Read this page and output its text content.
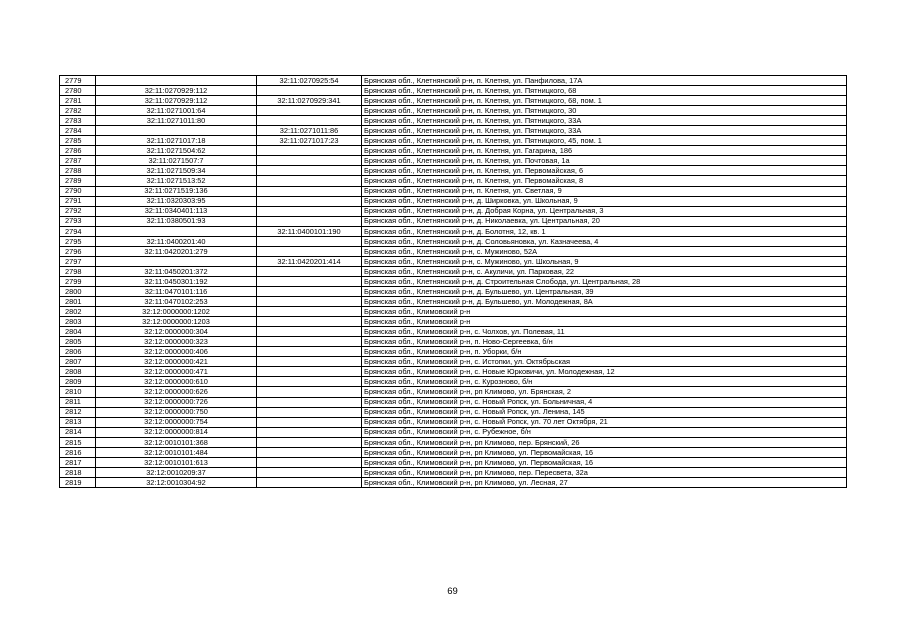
2779		32:11:0270925:54	Брянская обл., Клетнянский р-н, п. Клетня, ул. Панфилова, 17А
2780	32:11:0270929:112		Брянская обл., Клетнянский р-н, п. Клетня, ул. Пятницкого, 68
2781	32:11:0270929:112	32:11:0270929:341	Брянская обл., Клетнянский р-н, п. Клетня, ул. Пятницкого, 68, пом. 1
2782	32:11:0271001:64		Брянская обл., Клетнянский р-н, п. Клетня, ул. Пятницкого, 30
2783	32:11:0271011:80		Брянская обл., Клетнянский р-н, п. Клетня, ул. Пятницкого, 33А
2784		32:11:0271011:86	Брянская обл., Клетнянский р-н, п. Клетня, ул. Пятницкого, 33А
2785	32:11:0271017:18	32:11:0271017:23	Брянская обл., Клетнянский р-н, п. Клетня, ул. Пятницкого, 45, пом. 1
2786	32:11:0271504:62		Брянская обл., Клетнянский р-н, п. Клетня, ул. Гагарина, 186
2787	32:11:0271507:7		Брянская обл., Клетнянский р-н, п. Клетня, ул. Почтовая, 1а
2788	32:11:0271509:34		Брянская обл., Клетнянский р-н, п. Клетня, ул. Первомайская, 6
2789	32:11:0271513:52		Брянская обл., Клетнянский р-н, п. Клетня, ул. Первомайская, 8
2790	32:11:0271519:136		Брянская обл., Клетнянский р-н, п. Клетня, ул. Светлая, 9
2791	32:11:0320303:95		Брянская обл., Клетнянский р-н, д. Ширковка, ул. Школьная, 9
2792	32:11:0340401:113		Брянская обл., Клетнянский р-н, д. Добрая Корна, ул. Центральная, 3
2793	32:11:0380501:93		Брянская обл., Клетнянский р-н, д. Николаевка, ул. Центральная, 20
2794		32:11:0400101:190	Брянская обл., Клетнянский р-н, д. Болотня, 12, кв. 1
2795	32:11:0400201:40		Брянская обл., Клетнянский р-н, д. Соловьяновка, ул. Казначеева, 4
2796	32:11:0420201:279		Брянская обл., Клетнянский р-н, с. Мужиново, 52А
2797		32:11:0420201:414	Брянская обл., Клетнянский р-н, с. Мужиново, ул. Школьная, 9
2798	32:11:0450201:372		Брянская обл., Клетнянский р-н, с. Акуличи, ул. Парковая, 22
2799	32:11:0450301:192		Брянская обл., Клетнянский р-н, д. Строительная Слобода, ул. Центральная, 28
2800	32:11:0470101:116		Брянская обл., Клетнянский р-н, д. Бульшево, ул. Центральная, 39
2801	32:11:0470102:253		Брянская обл., Клетнянский р-н, д. Бульшево, ул. Молодежная, 8А
2802	32:12:0000000:1202		Брянская обл., Климовский р-н
2803	32:12:0000000:1203		Брянская обл., Климовский р-н
2804	32:12:0000000:304		Брянская обл., Климовский р-н, с. Чолхов, ул. Полевая, 11
2805	32:12:0000000:323		Брянская обл., Климовский р-н, п. Ново-Сергеевка, б/н
2806	32:12:0000000:406		Брянская обл., Климовский р-н, п. Уборки, б/н
2807	32:12:0000000:421		Брянская обл., Климовский р-н, с. Истопки, ул. Октябрьская
2808	32:12:0000000:471		Брянская обл., Климовский р-н, с. Новые Юрковичи, ул. Молодежная, 12
2809	32:12:0000000:610		Брянская обл., Климовский р-н, с. Курозново, б/н
2810	32:12:0000000:626		Брянская обл., Климовский р-н, рп Климово, ул. Брянская, 2
2811	32:12:0000000:726		Брянская обл., Климовский р-н, с. Новый Ропск, ул. Больничная, 4
2812	32:12:0000000:750		Брянская обл., Климовский р-н, с. Новый Ропск, ул. Ленина, 145
2813	32:12:0000000:754		Брянская обл., Климовский р-н, с. Новый Ропск, ул. 70 лет Октября, 21
2814	32:12:0000000:814		Брянская обл., Климовский р-н, с. Рубежное, б/н
2815	32:12:0010101:368		Брянская обл., Климовский р-н, рп Климово, пер. Брянский, 26
2816	32:12:0010101:484		Брянская обл., Климовский р-н, рп Климово, ул. Первомайская, 16
2817	32:12:0010101:613		Брянская обл., Климовский р-н, рп Климово, ул. Первомайская, 16
2818	32:12:0010209:37		Брянская обл., Климовский р-н, рп Климово, пер. Пересвета, 32а
2819	32:12:0010304:92		Брянская обл., Климовский р-н, рп Климово, ул. Лесная, 27
69
